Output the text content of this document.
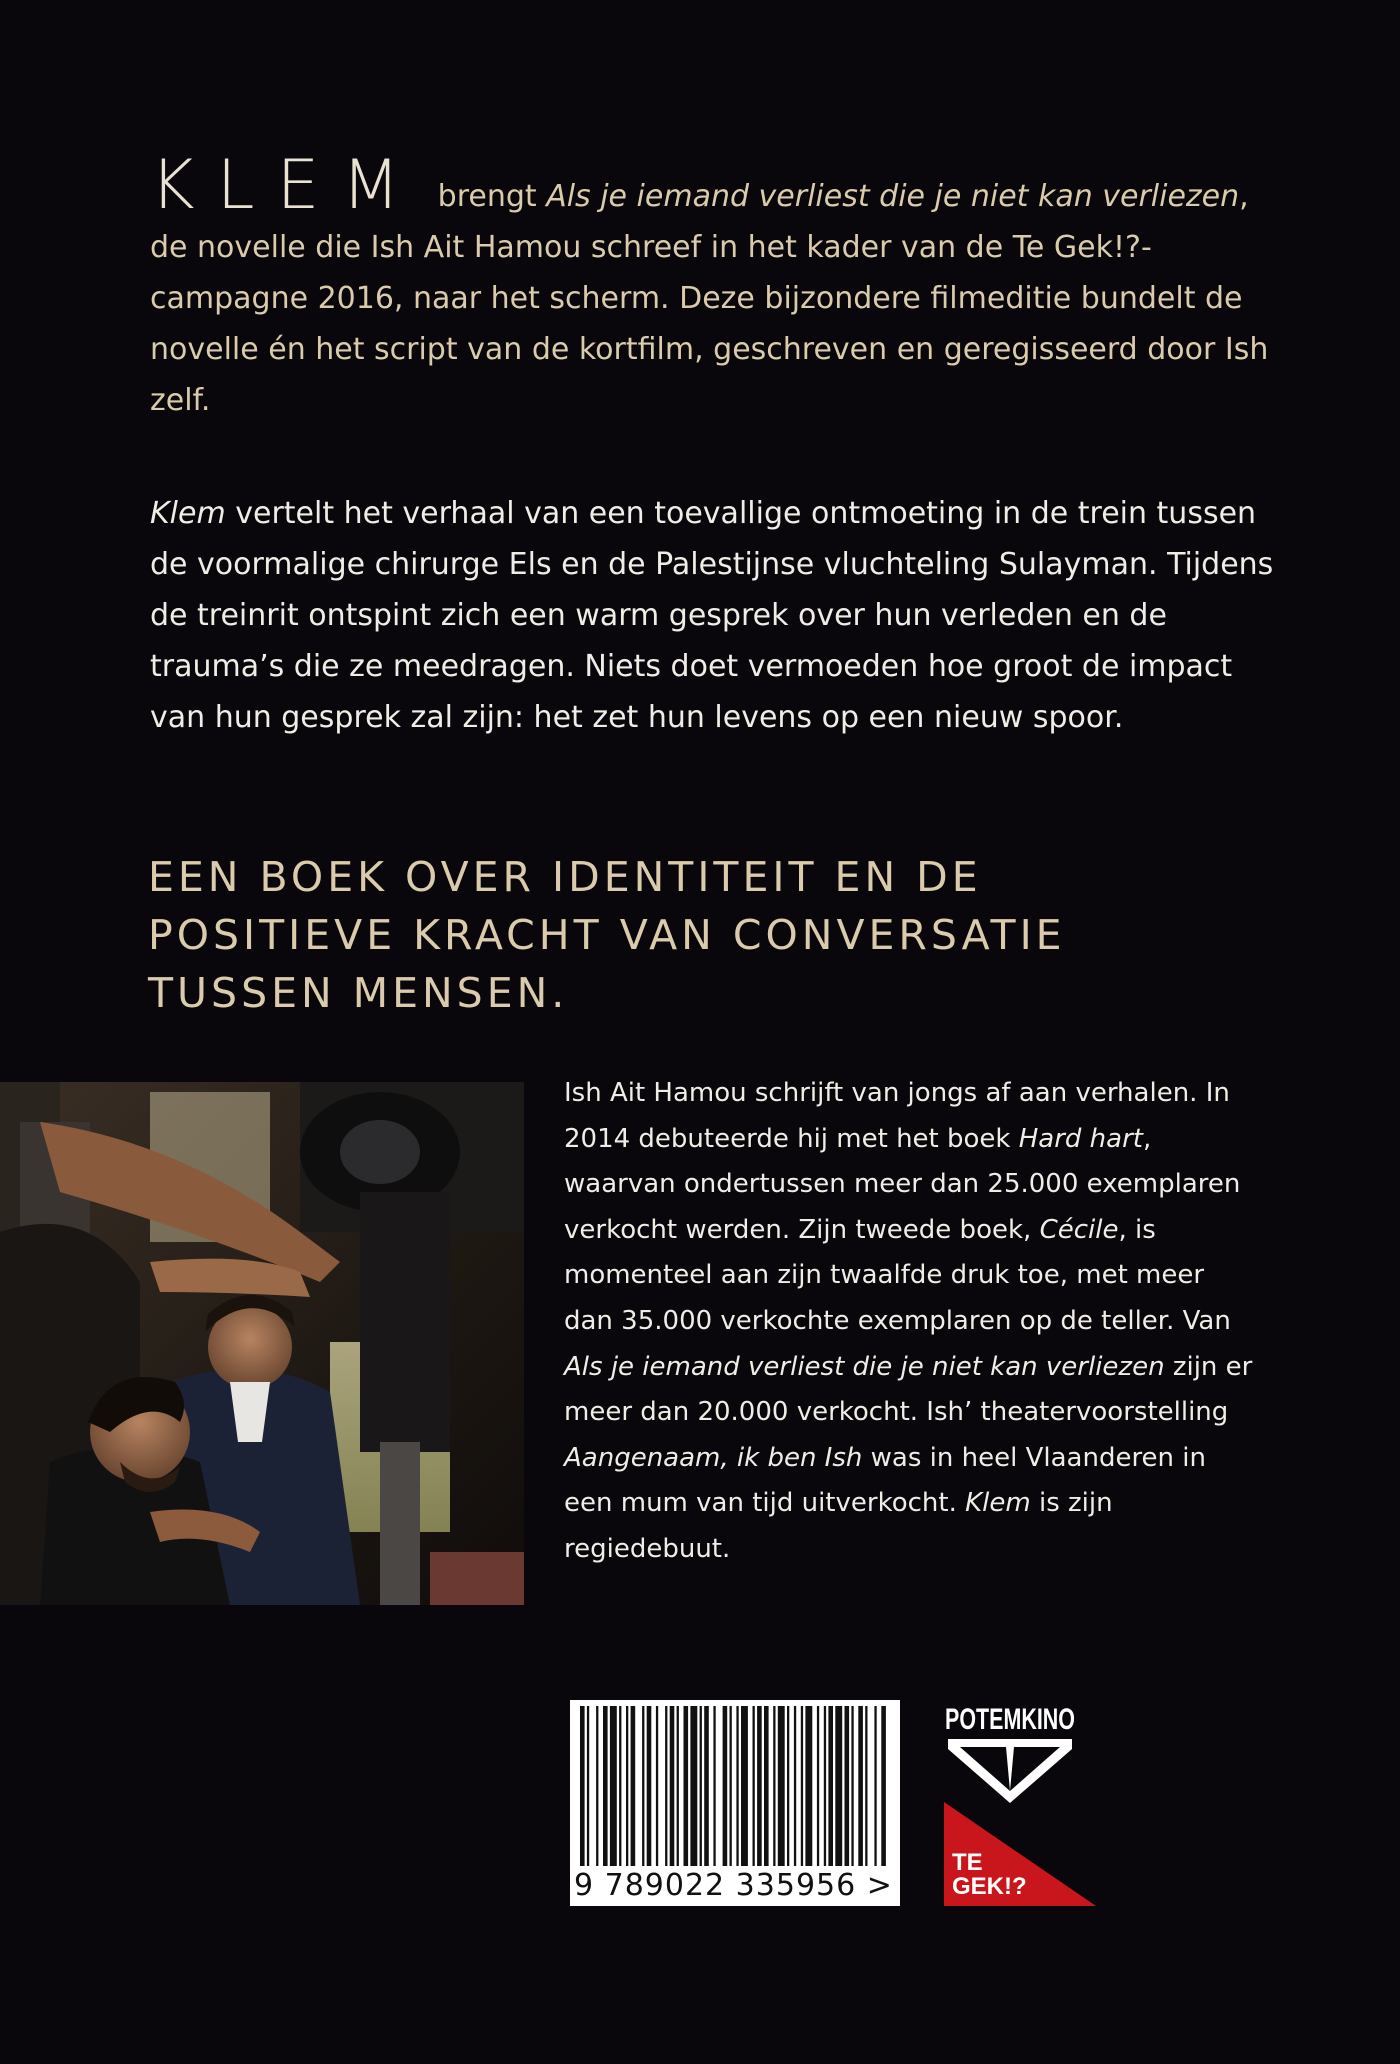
KLEM brengt Als je iemand verliest die je niet kan verliezen, de novelle die Ish Ait Hamou schreef in het kader van de Te Gek!?-campagne 2016, naar het scherm. Deze bijzondere filmeditie bundelt de novelle én het script van de kortfilm, geschreven en geregisseerd door Ish zelf.

Klem vertelt het verhaal van een toevallige ontmoeting in de trein tussen de voormalige chirurge Els en de Palestijnse vluchteling Sulayman. Tijdens de treinrit ontspint zich een warm gesprek over hun verleden en de trauma’s die ze meedragen. Niets doet vermoeden hoe groot de impact van hun gesprek zal zijn: het zet hun levens op een nieuw spoor.

EEN BOEK OVER IDENTITEIT EN DE
POSITIEVE KRACHT VAN CONVERSATIE
TUSSEN MENSEN.

Ish Ait Hamou schrijft van jongs af aan verhalen. In 2014 debuteerde hij met het boek Hard hart, waarvan ondertussen meer dan 25.000 exemplaren verkocht werden. Zijn tweede boek, Cécile, is momenteel aan zijn twaalfde druk toe, met meer dan 35.000 verkochte exemplaren op de teller. Van Als je iemand verliest die je niet kan verliezen zijn er meer dan 20.000 verkocht. Ish’ theatervoorstelling Aangenaam, ik ben Ish was in heel Vlaanderen in een mum van tijd uitverkocht. Klem is zijn regiedebuut.

9 789022 335956 >
POTEMKINO
TE
GEK!?
